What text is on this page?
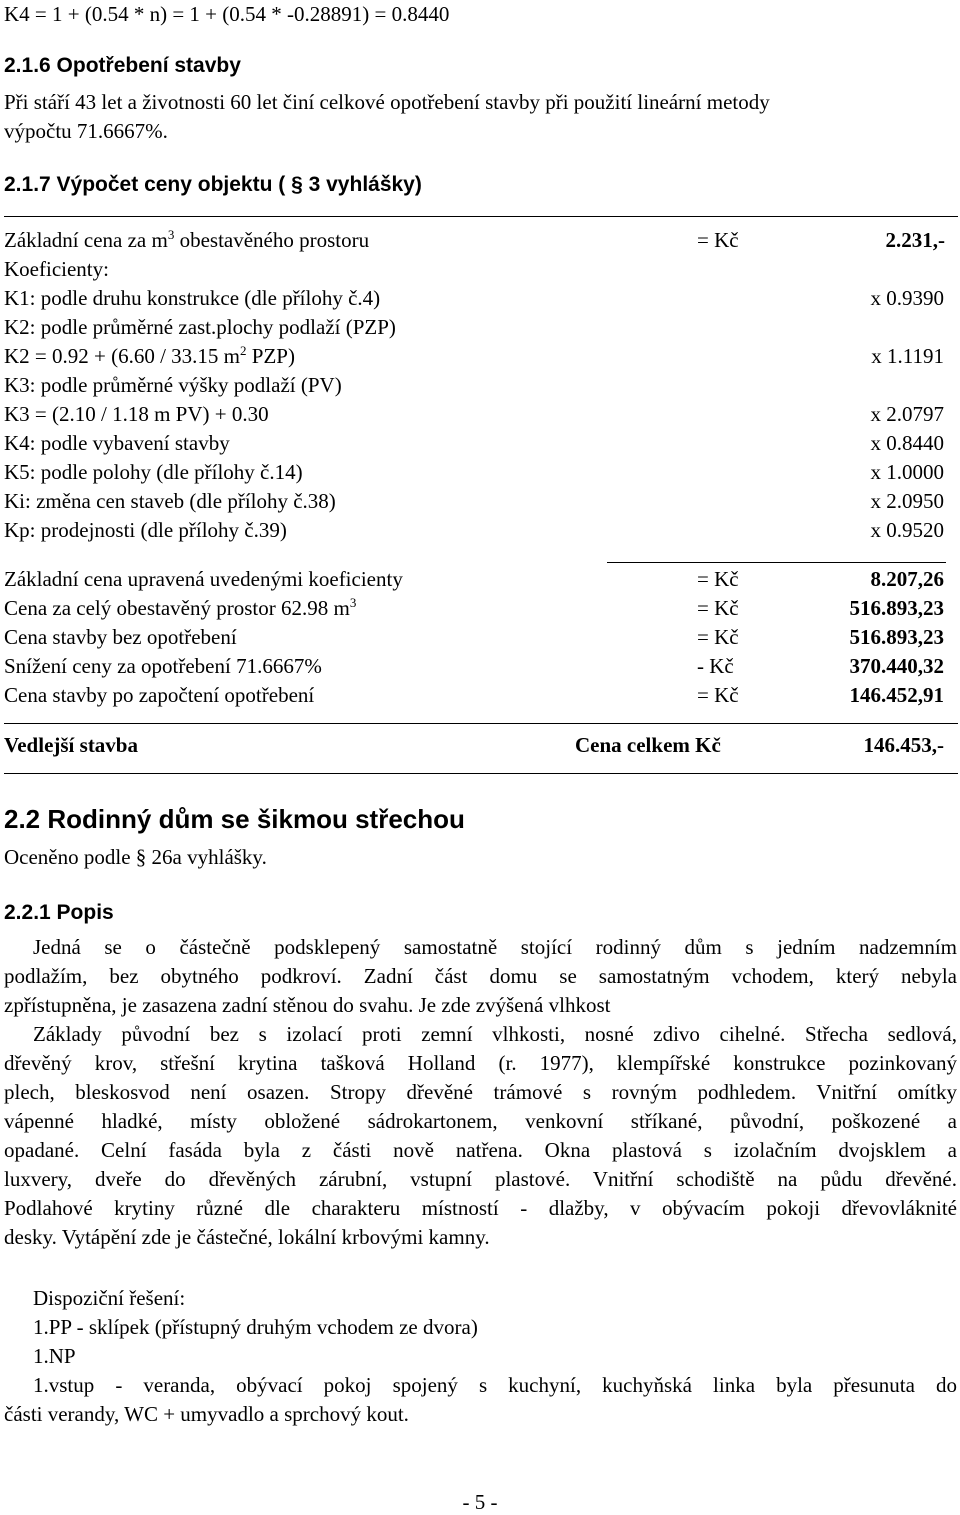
K4 = 1 + (0.54 * n) = 1 + (0.54 * -0.28891) = 0.8440
2.1.6 Opotřebení stavby
Při stáří 43 let a životnosti 60 let činí celkové opotřebení stavby při použití lineární metody
výpočtu 71.6667%.
2.1.7 Výpočet ceny objektu ( § 3 vyhlášky)
Základní cena za $m^3$ obestavěného prostoru	= Kč	2.231,-
Koeficienty:
K1: podle druhu konstrukce (dle přílohy č.4)	x 0.9390
K2: podle průměrné zast.plochy podlaží (PZP)
K2 = 0.92 + (6.60 / 33.15 $m^2$ PZP)	x 1.1191
K3: podle průměrné výšky podlaží (PV)
K3 = (2.10 / 1.18 m PV) + 0.30	x 2.0797
K4: podle vybavení stavby	x 0.8440
K5: podle polohy (dle přílohy č.14)	x 1.0000
Ki: změna cen staveb (dle přílohy č.38)	x 2.0950
Kp: prodejnosti (dle přílohy č.39)	x 0.9520
Základní cena upravená uvedenými koeficienty	= Kč	8.207,26
Cena za celý obestavěný prostor 62.98 $m^3$	= Kč	516.893,23
Cena stavby bez opotřebení	= Kč	516.893,23
Snížení ceny za opotřebení 71.6667%	- Kč	370.440,32
Cena stavby po započtení opotřebení	= Kč	146.452,91
Vedlejší stavba	Cena celkem Kč	146.453,-
2.2 Rodinný dům se šikmou střechou
Oceněno podle § 26a vyhlášky.
2.2.1 Popis
Jedná se o částečně podsklepený samostatně stojící rodinný dům s jedním nadzemním
podlažím, bez obytného podkroví. Zadní část domu se samostatným vchodem, který nebyla
zpřístupněna, je zasazena zadní stěnou do svahu. Je zde zvýšená vlhkost
Základy původní bez s izolací proti zemní vlhkosti, nosné zdivo cihelné. Střecha sedlová,
dřevěný krov, střešní krytina tašková Holland (r. 1977), klempířské konstrukce pozinkovaný
plech, bleskosvod není osazen. Stropy dřevěné trámové s rovným podhledem. Vnitřní omítky
vápenné hladké, místy obložené sádrokartonem, venkovní stříkané, původní, poškozené a
opadané. Celní fasáda byla z části nově natřena. Okna plastová s izolačním dvojsklem a
luxvery, dveře do dřevěných zárubní, vstupní plastové. Vnitřní schodiště na půdu dřevěné.
Podlahové krytiny různé dle charakteru místností - dlažby, v obývacím pokoji dřevovláknité
desky. Vytápění zde je částečné, lokální krbovými kamny.
Dispoziční řešení:
1.PP - sklípek (přístupný druhým vchodem ze dvora)
1.NP
1.vstup - veranda, obývací pokoj spojený s kuchyní, kuchyňská linka byla přesunuta do
části verandy, WC + umyvadlo a sprchový kout.
- 5 -
